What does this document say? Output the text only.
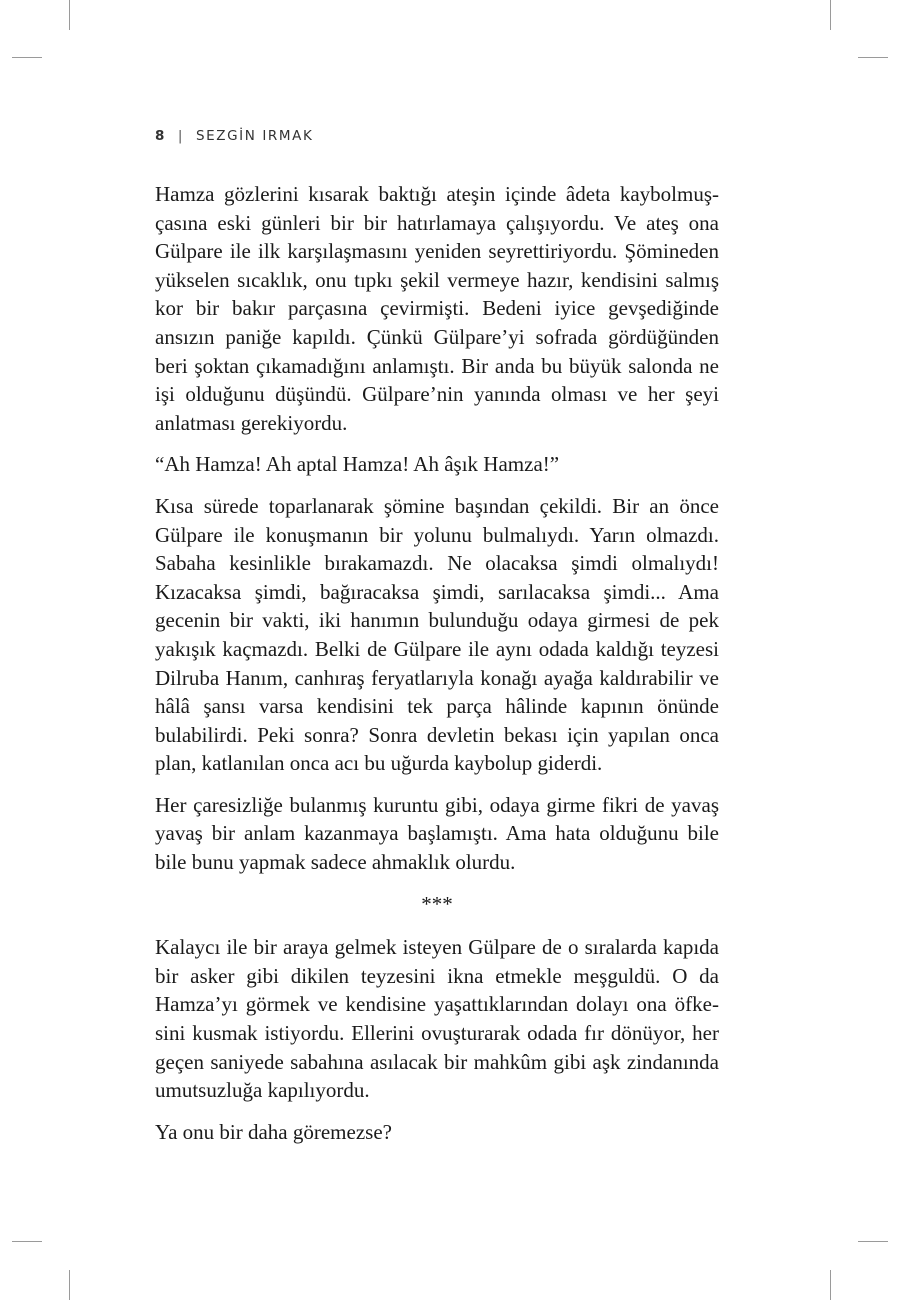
8 | SEZGİN IRMAK

Hamza gözlerini kısarak baktığı ateşin içinde âdeta kaybolmuşçasına eski günleri bir bir hatırlamaya çalışıyordu. Ve ateş ona Gülpare ile ilk karşılaşmasını yeniden seyrettiriyordu. Şömineden yükselen sıcaklık, onu tıpkı şekil vermeye hazır, kendisini salmış kor bir bakır parçasına çevirmişti. Bedeni iyice gevşediğinde ansızın paniğe kapıldı. Çünkü Gülpare’yi sofrada gördüğünden beri şoktan çıkamadığını anlamıştı. Bir anda bu büyük salonda ne işi olduğunu düşündü. Gülpare’nin yanında olması ve her şeyi anlatması gerekiyordu.

“Ah Hamza! Ah aptal Hamza! Ah âşık Hamza!”

Kısa sürede toparlanarak şömine başından çekildi. Bir an önce Gülpare ile konuşmanın bir yolunu bulmalıydı. Yarın olmazdı. Sabaha kesinlikle bırakamazdı. Ne olacaksa şimdi olmalıydı! Kızacaksa şimdi, bağıracaksa şimdi, sarılacaksa şimdi... Ama gecenin bir vakti, iki hanımın bulunduğu odaya girmesi de pek yakışık kaçmazdı. Belki de Gülpare ile aynı odada kaldığı teyzesi Dilruba Hanım, canhıraş feryatlarıyla konağı ayağa kaldırabilir ve hâlâ şansı varsa kendisini tek parça hâlinde kapının önünde bulabilirdi. Peki sonra? Sonra devletin bekası için yapılan onca plan, katlanılan onca acı bu uğurda kaybolup giderdi.

Her çaresizliğe bulanmış kuruntu gibi, odaya girme fikri de yavaş yavaş bir anlam kazanmaya başlamıştı. Ama hata olduğunu bile bile bunu yapmak sadece ahmaklık olurdu.

***

Kalaycı ile bir araya gelmek isteyen Gülpare de o sıralarda kapıda bir asker gibi dikilen teyzesini ikna etmekle meşguldü. O da Hamza’yı görmek ve kendisine yaşattıklarından dolayı ona öfkesini kusmak istiyordu. Ellerini ovuşturarak odada fır dönüyor, her geçen saniyede sabahına asılacak bir mahkûm gibi aşk zindanında umutsuzluğa kapılıyordu.

Ya onu bir daha göremezse?
